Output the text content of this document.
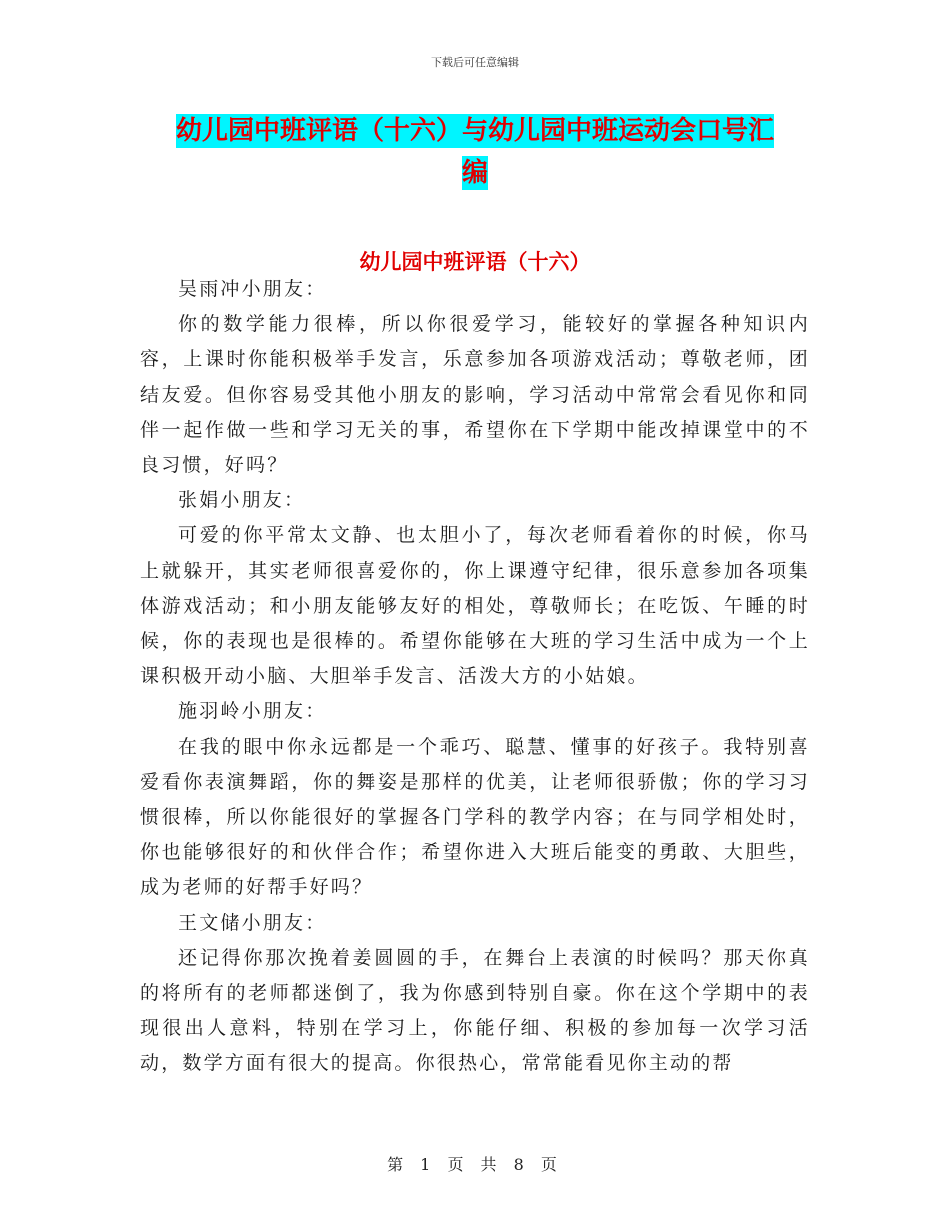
下载后可任意编辑
幼儿园中班评语（十六）与幼儿园中班运动会口号汇
编
幼儿园中班评语（十六）

吴雨冲小朋友：

你的数学能力很棒，所以你很爱学习，能较好的掌握各种知识内容，上课时你能积极举手发言，乐意参加各项游戏活动；尊敬老师，团结友爱。但你容易受其他小朋友的影响，学习活动中常常会看见你和同伴一起作做一些和学习无关的事，希望你在下学期中能改掉课堂中的不良习惯，好吗？

张娟小朋友：

可爱的你平常太文静、也太胆小了，每次老师看着你的时候，你马上就躲开，其实老师很喜爱你的，你上课遵守纪律，很乐意参加各项集体游戏活动；和小朋友能够友好的相处，尊敬师长；在吃饭、午睡的时候，你的表现也是很棒的。希望你能够在大班的学习生活中成为一个上课积极开动小脑、大胆举手发言、活泼大方的小姑娘。

施羽岭小朋友：

在我的眼中你永远都是一个乖巧、聪慧、懂事的好孩子。我特别喜爱看你表演舞蹈，你的舞姿是那样的优美，让老师很骄傲；你的学习习惯很棒，所以你能很好的掌握各门学科的教学内容；在与同学相处时，你也能够很好的和伙伴合作；希望你进入大班后能变的勇敢、大胆些，成为老师的好帮手好吗？

王文储小朋友：

还记得你那次挽着姜圆圆的手，在舞台上表演的时候吗？那天你真的将所有的老师都迷倒了，我为你感到特别自豪。你在这个学期中的表现很出人意料，特别在学习上，你能仔细、积极的参加每一次学习活动，数学方面有很大的提高。你很热心，常常能看见你主动的帮

第 1 页 共 8 页
